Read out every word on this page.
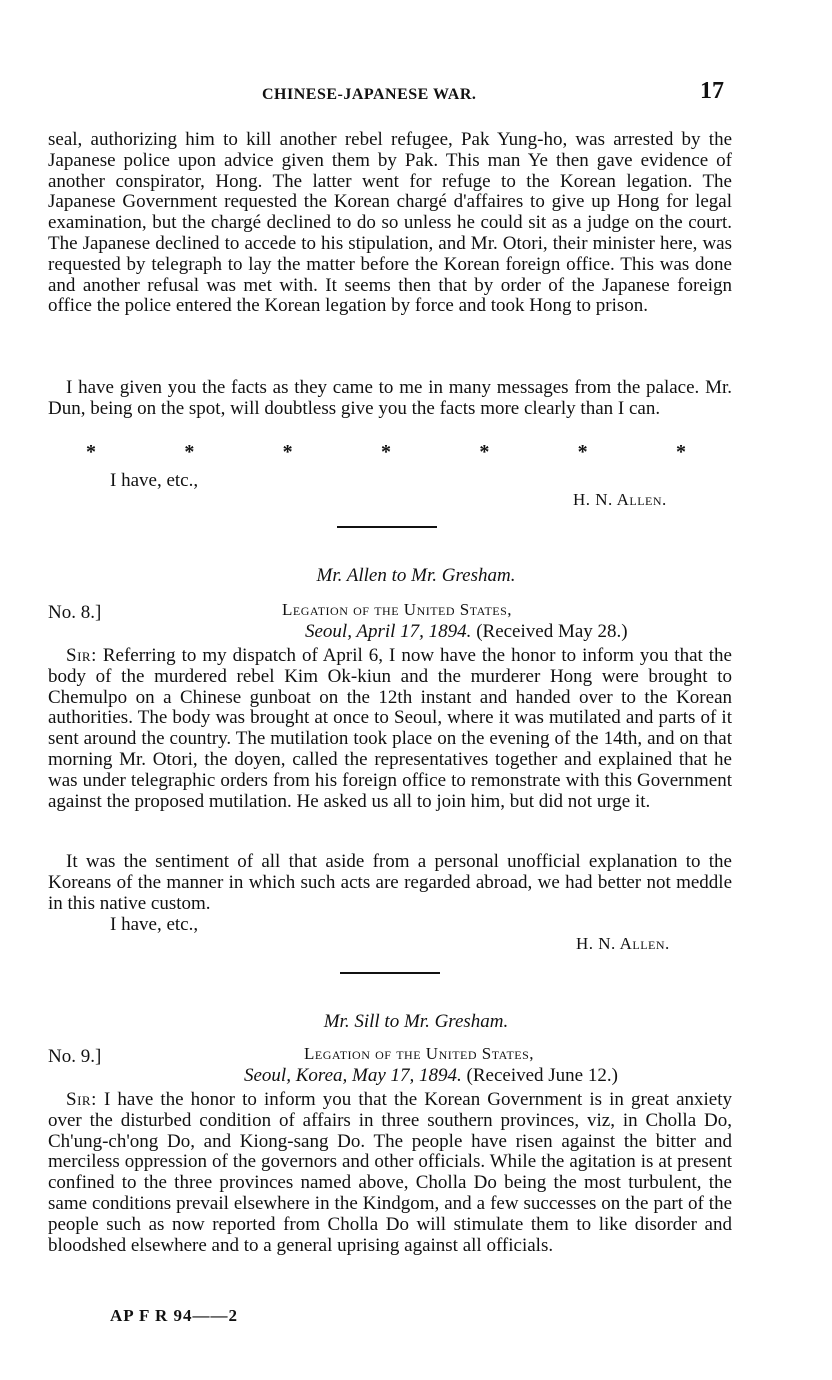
CHINESE-JAPANESE WAR.	17

seal, authorizing him to kill another rebel refugee, Pak Yung-ho, was arrested by the Japanese police upon advice given them by Pak. This man Ye then gave evidence of another conspirator, Hong. The latter went for refuge to the Korean legation. The Japanese Government requested the Korean chargé d'affaires to give up Hong for legal examination, but the chargé declined to do so unless he could sit as a judge on the court. The Japanese declined to accede to his stipulation, and Mr. Otori, their minister here, was requested by telegraph to lay the matter before the Korean foreign office. This was done and another refusal was met with. It seems then that by order of the Japanese foreign office the police entered the Korean legation by force and took Hong to prison.

I have given you the facts as they came to me in many messages from the palace. Mr. Dun, being on the spot, will doubtless give you the facts more clearly than I can.

*	*	*	*	*	*	*
I have, etc.,
H. N. Allen.
Mr. Allen to Mr. Gresham.
No. 8.]	Legation of the United States,
Seoul, April 17, 1894. (Received May 28.)

Sir: Referring to my dispatch of April 6, I now have the honor to inform you that the body of the murdered rebel Kim Ok-kiun and the murderer Hong were brought to Chemulpo on a Chinese gunboat on the 12th instant and handed over to the Korean authorities. The body was brought at once to Seoul, where it was mutilated and parts of it sent around the country. The mutilation took place on the evening of the 14th, and on that morning Mr. Otori, the doyen, called the representatives together and explained that he was under telegraphic orders from his foreign office to remonstrate with this Government against the proposed mutilation. He asked us all to join him, but did not urge it.

It was the sentiment of all that aside from a personal unofficial explanation to the Koreans of the manner in which such acts are regarded abroad, we had better not meddle in this native custom.

I have, etc.,
H. N. Allen.
Mr. Sill to Mr. Gresham.
No. 9.]	Legation of the United States,
Seoul, Korea, May 17, 1894. (Received June 12.)

Sir: I have the honor to inform you that the Korean Government is in great anxiety over the disturbed condition of affairs in three southern provinces, viz, in Cholla Do, Ch'ung-ch'ong Do, and Kiong-sang Do. The people have risen against the bitter and merciless oppression of the governors and other officials. While the agitation is at present confined to the three provinces named above, Cholla Do being the most turbulent, the same conditions prevail elsewhere in the Kindgom, and a few successes on the part of the people such as now reported from Cholla Do will stimulate them to like disorder and bloodshed elsewhere and to a general uprising against all officials.

AP F R 94——2
